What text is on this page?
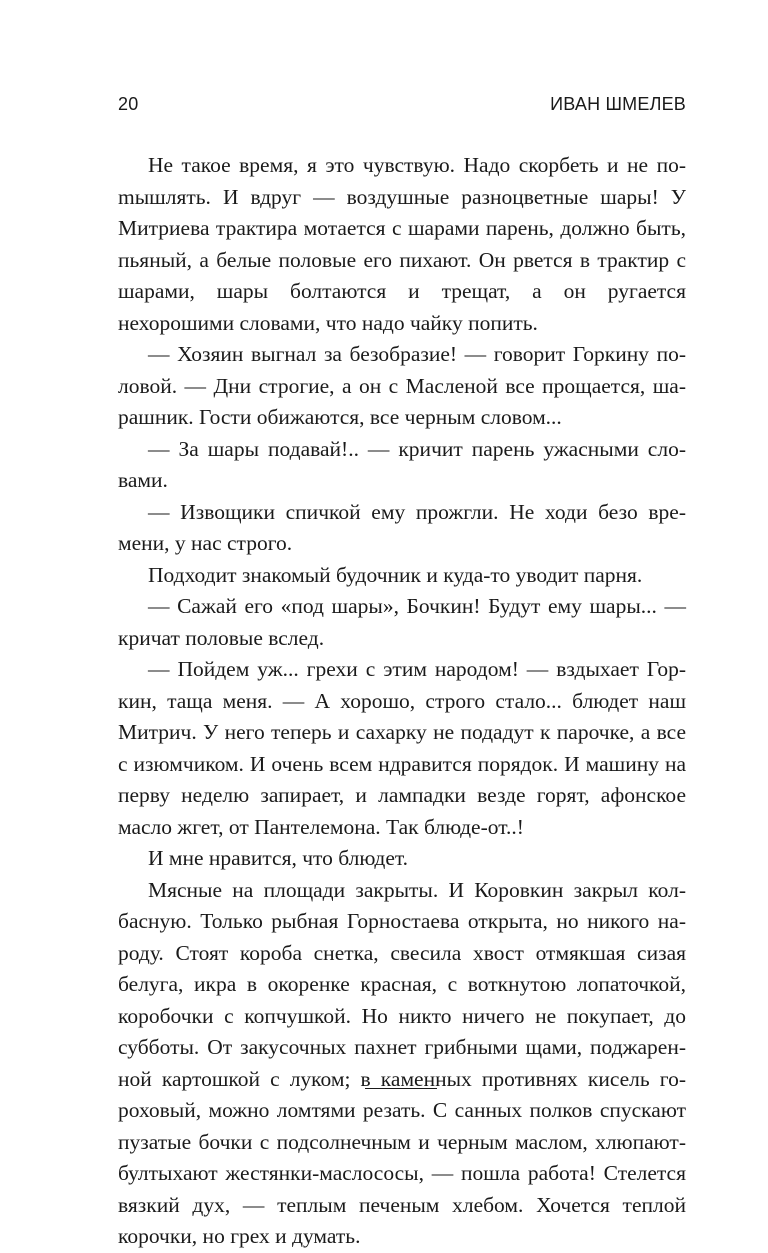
20	ИВАН ШМЕЛЕВ

Не такое время, я это чувствую. Надо скорбеть и не поmышлять. И вдруг — воздушные разноцветные шары! У Митриева трактира мотается с шарами парень, должно быть, пьяный, а белые половые его пихают. Он рвется в трактир с шарами, шары болтаются и трещат, а он ругается нехорошими словами, что надо чайку попить.

— Хозяин выгнал за безобразие! — говорит Горкину половой. — Дни строгие, а он с Масленой все прощается, шарашник. Гости обижаются, все черным словом...

— За шары подавай!.. — кричит парень ужасными словами.

— Извощики спичкой ему прожгли. Не ходи безо времени, у нас строго.

Подходит знакомый будочник и куда-то уводит парня.

— Сажай его «под шары», Бочкин! Будут ему шары... — кричат половые вслед.

— Пойдем уж... грехи с этим народом! — вздыхает Горкин, таща меня. — А хорошо, строго стало... блюдет наш Митрич. У него теперь и сахарку не подадут к парочке, а все с изюмчиком. И очень всем ндравится порядок. И машину на перву неделю запирает, и лампадки везде горят, афонское масло жгет, от Пантелемона. Так блюде-от..!

И мне нравится, что блюдет.

Мясные на площади закрыты. И Коровкин закрыл колбасную. Только рыбная Горностаева открыта, но никого народу. Стоят короба снетка, свесила хвост отмякшая сизая белуга, икра в окоренке красная, с воткнутою лопаточкой, коробочки с копчушкой. Но никто ничего не покупает, до субботы. От закусочных пахнет грибными щами, поджаренной картошкой с луком; в каменных противнях кисель гороховый, можно ломтями резать. С санных полков спускают пузатые бочки с подсолнечным и черным маслом, хлюпают-бултыхают жестянки-маслососы, — пошла работа! Стелется вязкий дух, — теплым печеным хлебом. Хочется теплой корочки, но грех и думать.
